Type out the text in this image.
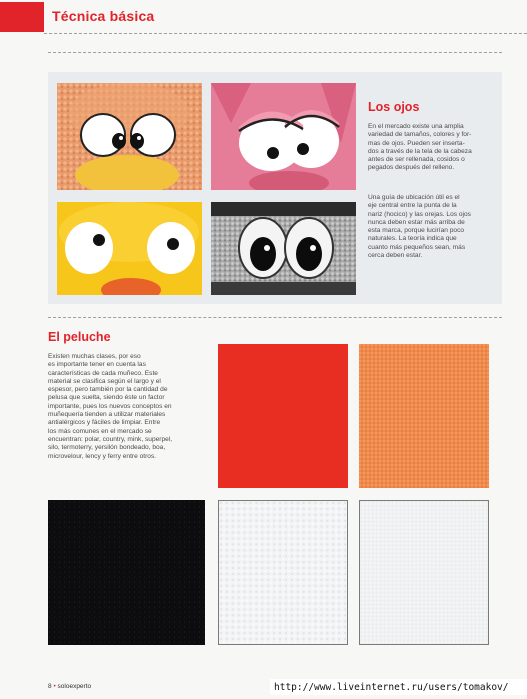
Técnica básica
Los ojos
En el mercado existe una amplia
variedad de tamaños, colores y for-
mas de ojos. Pueden ser inserta-
dos a través de la tela de la cabeza
antes de ser rellenada, cosidos o
pegados después del relleno.
Una guía de ubicación útil es el
eje central entre la punta de la
nariz (hocico) y las orejas. Los ojos
nunca deben estar más arriba de
esta marca, porque lucirían poco
naturales. La teoría indica que
cuanto más pequeños sean, más
cerca deben estar.
El peluche
Existen muchas clases, por eso
es importante tener en cuenta las
características de cada muñeco. Este
material se clasifica según el largo y el
espesor, pero también por la cantidad de
pelusa que suelta, siendo éste un factor
importante, pues los nuevos conceptos en
muñequería tienden a utilizar materiales
antialérgicos y fáciles de limpiar. Entre
los más comunes en el mercado se
encuentran: polar, country, mink, superpel,
silo, termoterry, yersilón bondeado, boa,
microvelour, lency y ferry entre otros.
8 • soloexperto	http://www.liveinternet.ru/users/tomakov/
